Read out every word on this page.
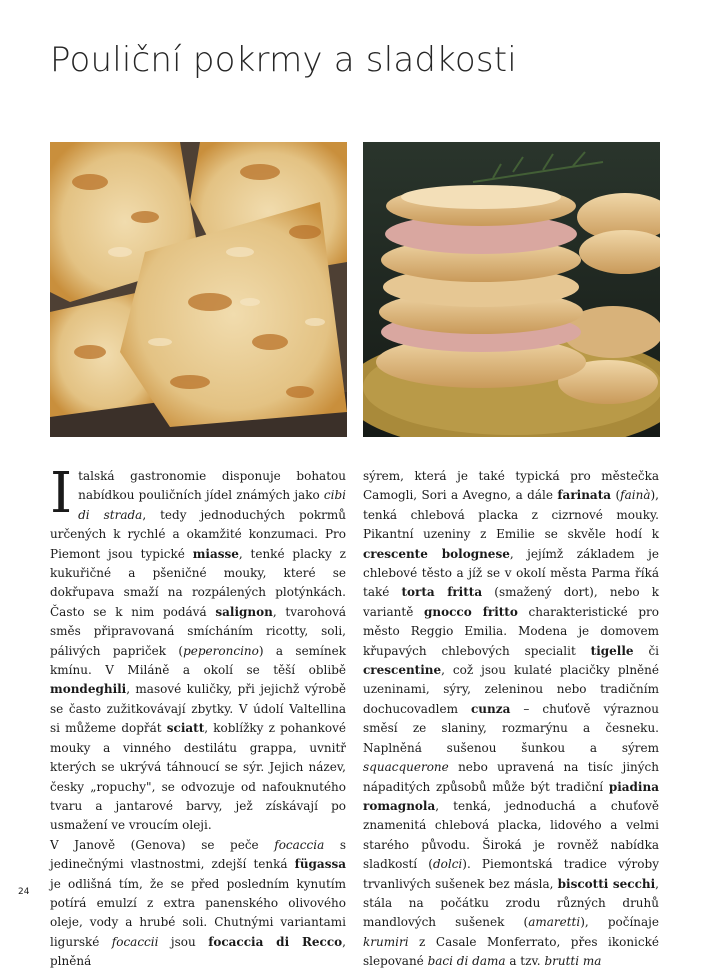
Pouliční pokrmy a sladkosti
I talská gastronomie disponuje bohatou nabídkou pouličních jídel známých jako cibi di strada, tedy jednoduchých pokrmů určených k rychlé a okamžité konzumaci. Pro Piemont jsou typické miasse, tenké placky z kukuřičné a pšeničné mouky, které se dokřupava smaží na rozpálených plotýnkách. Často se k nim podává salignon, tvarohová směs připravovaná smícháním ricotty, soli, pálivých papriček (peperoncino) a semínek kmínu. V Miláně a okolí se těší oblibě mondeghili, masové kuličky, při jejichž výrobě se často zužitkovávají zbytky. V údolí Valtellina si můžeme dopřát sciatt, koblížky z pohankové mouky a vinného destilátu grappa, uvnitř kterých se ukrývá táhnoucí se sýr. Jejich název, česky „ropuchy", se odvozuje od nafouknutého tvaru a jantarové barvy, jež získávají po usmažení ve vroucím oleji.
V Janově (Genova) se peče focaccia s jedinečnými vlastnostmi, zdejší tenká fügassa je odlišná tím, že se před posledním kynutím potírá emulzí z extra panenského olivového oleje, vody a hrubé soli. Chutnými variantami ligurské focaccii jsou focaccia di Recco, plněná
sýrem, která je také typická pro městečka Camogli, Sori a Avegno, a dále farinata (fainà), tenká chlebová placka z cizrnové mouky. Pikantní uzeniny z Emilie se skvěle hodí k crescente bolognese, jejímž základem je chlebové těsto a jíž se v okolí města Parma říká také torta fritta (smažený dort), nebo k variantě gnocco fritto charakteristické pro město Reggio Emilia. Modena je domovem křupavých chlebových specialit tigelle či crescentine, což jsou kulaté placičky plněné uzeninami, sýry, zeleninou nebo tradičním dochucovadlem cunza – chuťově výraznou směsí ze slaniny, rozmarýnu a česneku. Naplněná sušenou šunkou a sýrem squacquerone nebo upravená na tisíc jiných nápaditých způsobů může být tradiční piadina romagnola, tenká, jednoduchá a chuťově znamenitá chlebová placka, lidového a velmi starého původu. Široká je rovněž nabídka sladkostí (dolci). Piemontská tradice výroby trvanlivých sušenek bez másla, biscotti secchi, stála na počátku zrodu různých druhů mandlových sušenek (amaretti), počínaje krumiri z Casale Monferrato, přes ikonické slepované baci di dama a tzv. brutti ma
24
